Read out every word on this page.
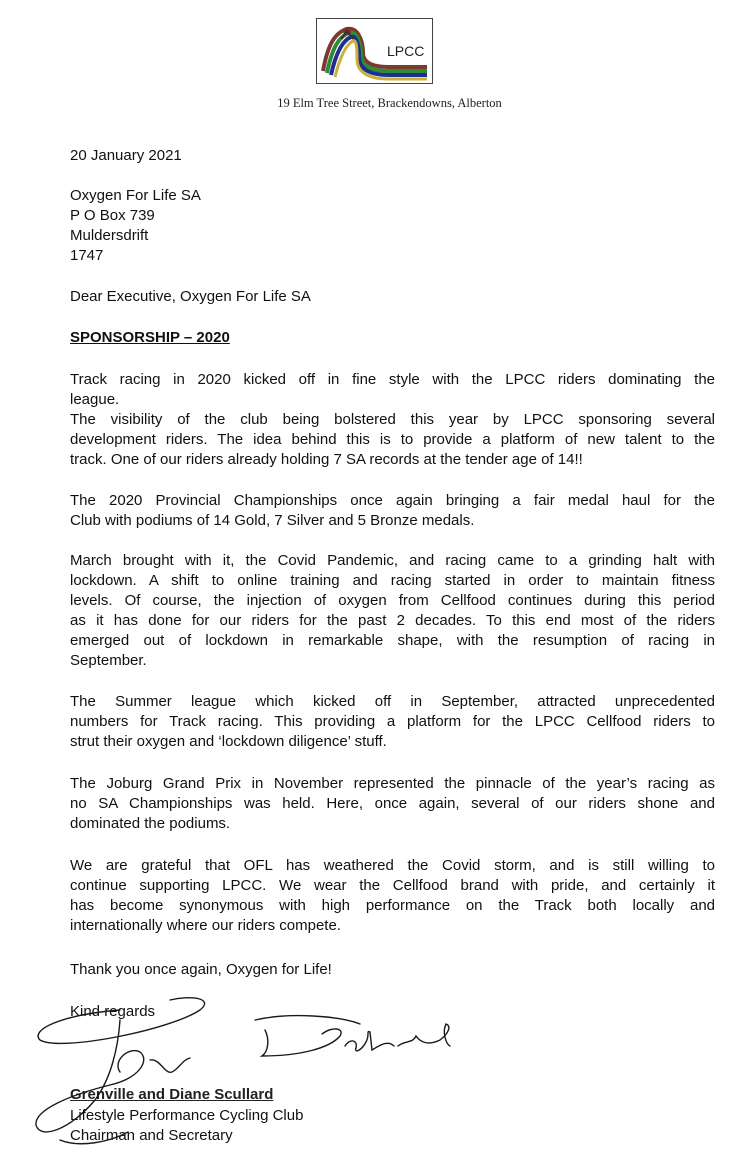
LPCC
19 Elm Tree Street, Brackendowns, Alberton
20 January 2021
Oxygen For Life SA
P O Box 739
Muldersdrift
1747
Dear Executive, Oxygen For Life SA
SPONSORSHIP – 2020
Track racing in 2020 kicked off in fine style with the LPCC riders dominating the
league.
The visibility of the club being bolstered this year by LPCC sponsoring several
development riders. The idea behind this is to provide a platform of new talent to the
track. One of our riders already holding 7 SA records at the tender age of 14!!
The 2020 Provincial Championships once again bringing a fair medal haul for the
Club with podiums of 14 Gold, 7 Silver and 5 Bronze medals.
March brought with it, the Covid Pandemic, and racing came to a grinding halt with
lockdown. A shift to online training and racing started in order to maintain fitness
levels. Of course, the injection of oxygen from Cellfood continues during this period
as it has done for our riders for the past 2 decades. To this end most of the riders
emerged out of lockdown in remarkable shape, with the resumption of racing in
September.
The Summer league which kicked off in September, attracted unprecedented
numbers for Track racing. This providing a platform for the LPCC Cellfood riders to
strut their oxygen and ‘lockdown diligence’ stuff.
The Joburg Grand Prix in November represented the pinnacle of the year’s racing as
no SA Championships was held. Here, once again, several of our riders shone and
dominated the podiums.
We are grateful that OFL has weathered the Covid storm, and is still willing to
continue supporting LPCC. We wear the Cellfood brand with pride, and certainly it
has become synonymous with high performance on the Track both locally and
internationally where our riders compete.
Thank you once again, Oxygen for Life!
Kind regards
Grenville and Diane Scullard
Lifestyle Performance Cycling Club
Chairman and Secretary
